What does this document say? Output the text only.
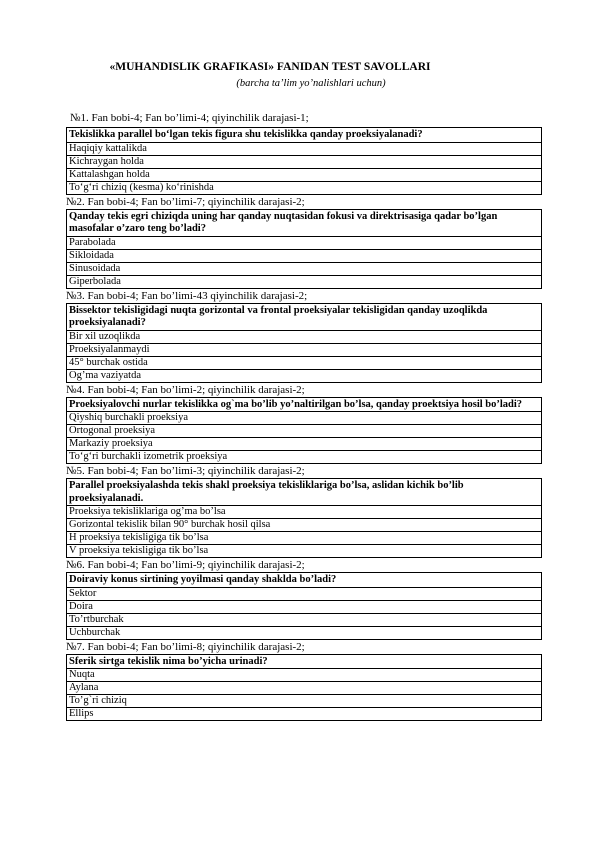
«MUHANDISLIK GRAFIKASI» FANIDAN TEST SAVOLLARI
(barcha ta’lim yo’nalishlari uchun)
№1. Fan bobi-4; Fan bo’limi-4; qiyinchilik darajasi-1;
Tekislikka parallel bo‘lgan tekis figura shu tekislikka qanday proeksiyalanadi?
Haqiqiy kattalikda
Kichraygan holda
Kattalashgan holda
To‘g‘ri chiziq (kesma) ko‘rinishda
№2. Fan bobi-4; Fan bo’limi-7; qiyinchilik darajasi-2;
Qanday tekis egri chiziqda uning har qanday nuqtasidan fokusi va direktrisasiga qadar bo’lgan masofalar o’zaro teng bo’ladi?
Parabolada
Sikloidada
Sinusoidada
Giperbolada
№3. Fan bobi-4; Fan bo’limi-43 qiyinchilik darajasi-2;
Bissektor tekisligidagi nuqta gorizontal va frontal proeksiyalar tekisligidan qanday uzoqlikda proeksiyalanadi?
Bir xil uzoqlikda
Proeksiyalanmaydi
45° burchak ostida
Og’ma vaziyatda
№4. Fan bobi-4; Fan bo’limi-2; qiyinchilik darajasi-2;
Proeksiyalovchi nurlar tekislikka og`ma bo’lib yo’naltirilgan bo’lsa, qanday proektsiya hosil bo’ladi?
Qiyshiq burchakli proeksiya
Ortogonal proeksiya
Markaziy proeksiya
To‘g‘ri burchakli izometrik proeksiya
№5. Fan bobi-4; Fan bo’limi-3; qiyinchilik darajasi-2;
Parallel proeksiyalashda tekis shakl proeksiya tekisliklariga bo’lsa, aslidan kichik bo’lib proeksiyalanadi.
Proeksiya tekisliklariga og’ma bo’lsa
Gorizontal tekislik bilan 90° burchak hosil qilsa
H proeksiya tekisligiga tik bo’lsa
V proeksiya tekisligiga tik bo’lsa
№6. Fan bobi-4; Fan bo’limi-9; qiyinchilik darajasi-2;
Doiraviy konus sirtining yoyilmasi qanday shaklda bo’ladi?
Sektor
Doira
To’rtburchak
Uchburchak
№7. Fan bobi-4; Fan bo’limi-8; qiyinchilik darajasi-2;
Sferik sirtga tekislik nima bo’yicha urinadi?
Nuqta
Aylana
To’g`ri chiziq
Ellips
